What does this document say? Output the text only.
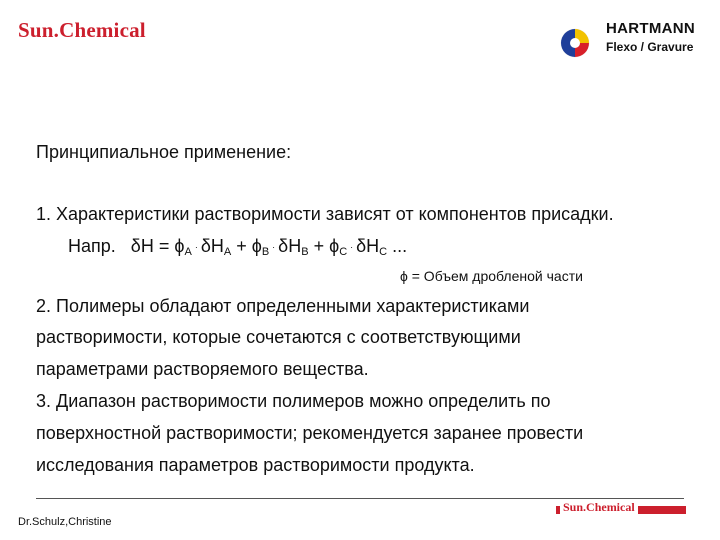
Sun.Chemical	HARTMANN
Flexo / Gravure
Принципиальное применение:
1. Характеристики растворимости зависят от компонентов присадки.
Напр. $\delta H = \phi_A \cdot \delta H_A + \phi_B \cdot \delta H_B + \phi_C \cdot \delta H_C$ ...
ϕ = Объем дробленой части
2. Полимеры обладают определенными характеристиками
растворимости, которые сочетаются с соответствующими
параметрами растворяемого вещества.
3. Диапазон растворимости полимеров можно определить по
поверхностной растворимости; рекомендуется заранее провести
исследования параметров растворимости продукта.
Sun.Chemical
Dr.Schulz,Christine
